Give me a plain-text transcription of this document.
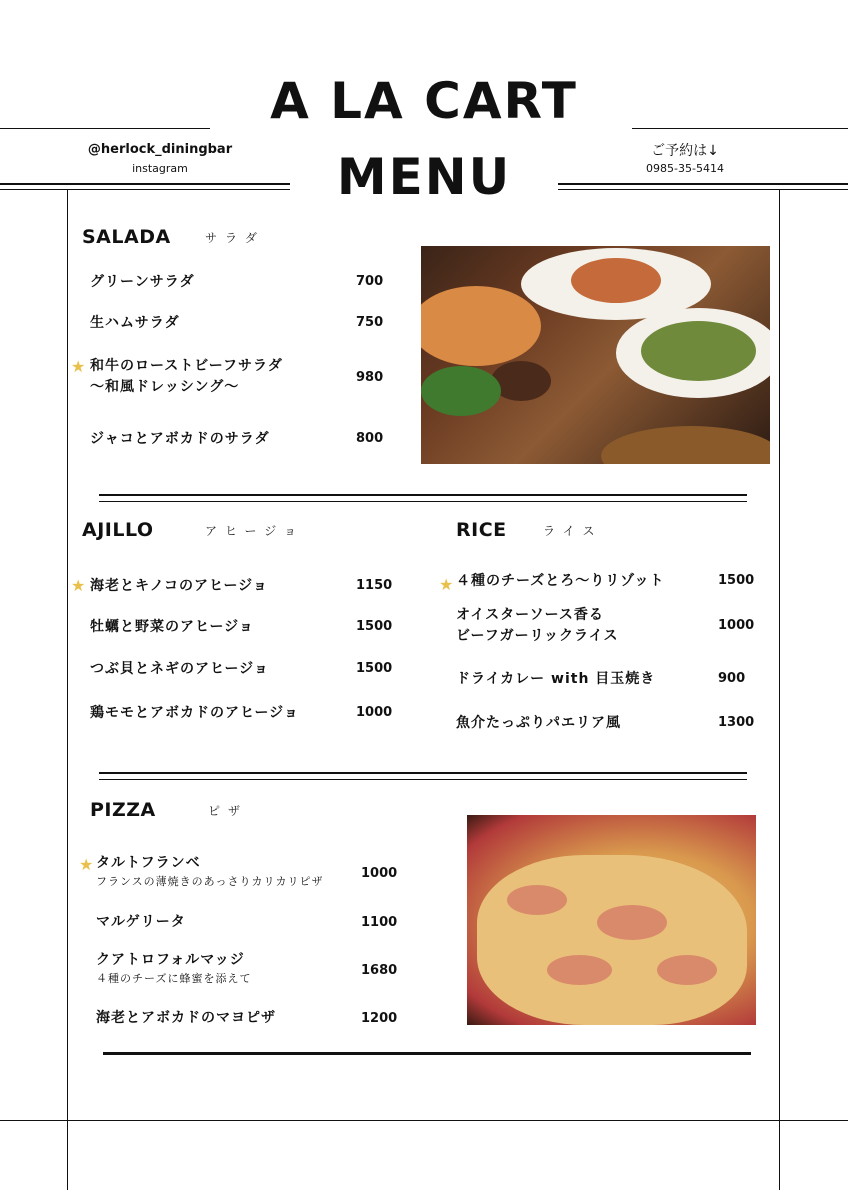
A LA CART
MENU
@herlock_diningbar
instagram
ご予約は↓
0985-35-5414
SALADA	サラダ
グリーンサラダ	700
生ハムサラダ	750
★ 和牛のローストビーフサラダ
～和風ドレッシング～
980
ジャコとアボカドのサラダ	800
AJILLO	アヒージョ
★ 海老とキノコのアヒージョ	1150
牡蠣と野菜のアヒージョ	1500
つぶ貝とネギのアヒージョ	1500
鶏モモとアボカドのアヒージョ	1000
RICE	ライス
★ ４種のチーズとろ～りリゾット	1500
オイスターソース香る
ビーフガーリックライス
1000
ドライカレー with 目玉焼き	900
魚介たっぷりパエリア風	1300
PIZZA	ピザ
★ タルトフランベ
フランスの薄焼きのあっさりカリカリピザ
1000
マルゲリータ	1100
クアトロフォルマッジ
４種のチーズに蜂蜜を添えて
1680
海老とアボカドのマヨピザ	1200
